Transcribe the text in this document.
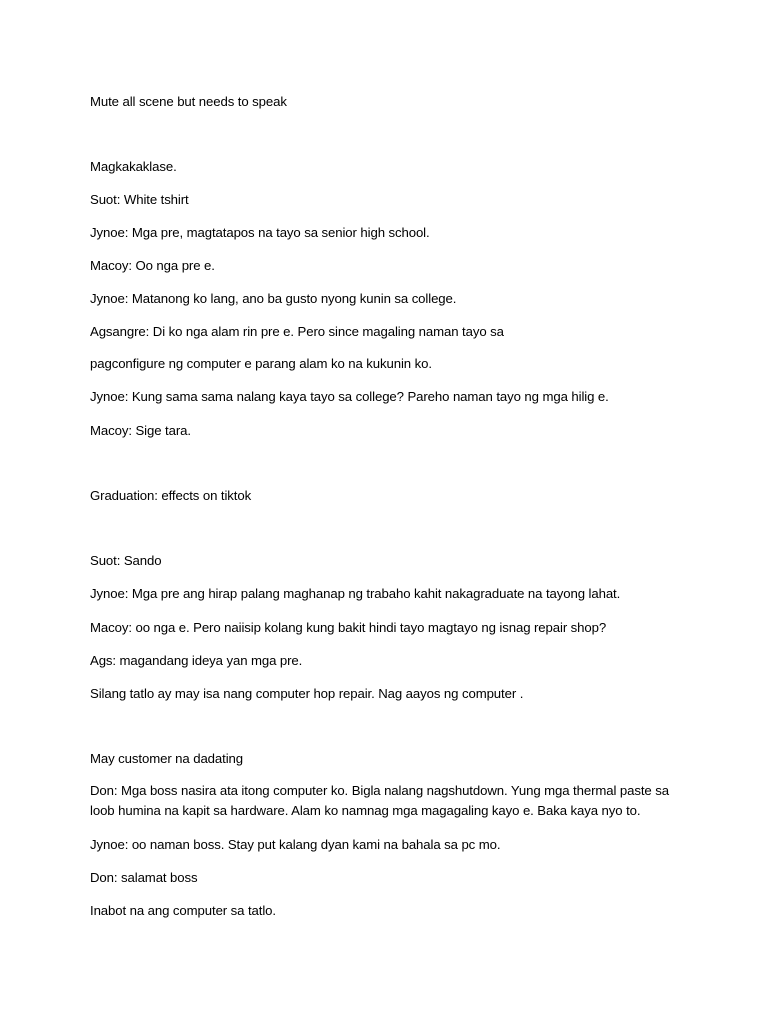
Mute all scene but needs to speak
Magkakaklase.
Suot: White tshirt
Jynoe: Mga pre, magtatapos na tayo sa senior high school.
Macoy: Oo nga pre e.
Jynoe: Matanong ko lang, ano ba gusto nyong kunin sa college.
Agsangre: Di ko nga alam rin pre e. Pero since magaling naman tayo sa
pagconfigure ng computer e parang alam ko na kukunin ko.
Jynoe: Kung sama sama nalang kaya tayo sa college? Pareho naman tayo ng mga hilig e.
Macoy: Sige tara.
Graduation: effects on tiktok
Suot: Sando
Jynoe: Mga pre ang hirap palang maghanap ng trabaho kahit nakagraduate na tayong lahat.
Macoy: oo nga e. Pero naiisip kolang kung bakit hindi tayo magtayo ng isnag repair shop?
Ags: magandang ideya yan mga pre.
Silang tatlo ay may isa nang computer hop repair. Nag aayos ng computer .
May customer na dadating
Don: Mga boss nasira ata itong computer ko. Bigla nalang nagshutdown. Yung mga thermal paste sa
loob humina na kapit sa hardware. Alam ko namnag mga magagaling kayo e. Baka kaya nyo to.
Jynoe: oo naman boss. Stay put kalang dyan kami na bahala sa pc mo.
Don: salamat boss
Inabot na ang computer sa tatlo.
